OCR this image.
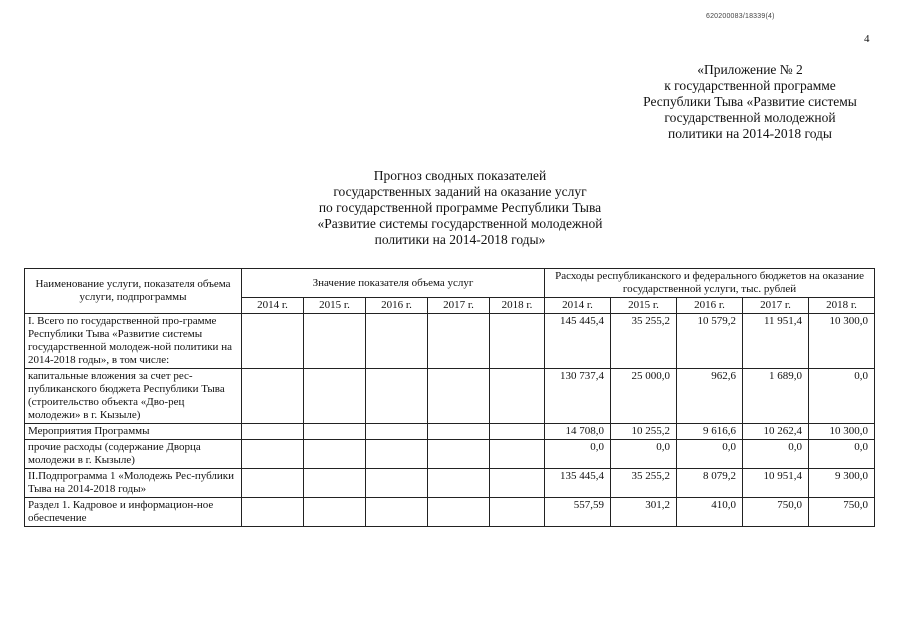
620200083/18339(4)
4
«Приложение № 2
к государственной программе
Республики Тыва «Развитие системы
государственной молодежной
политики на 2014-2018 годы
Прогноз сводных показателей
государственных заданий на оказание услуг
по государственной программе Республики Тыва
«Развитие системы государственной молодежной
политики на 2014-2018 годы»
Наименование услуги, показателя объема услуги, подпрограммы	Значение показателя объема услуг					Расходы республиканского и федерального бюджетов на оказание государственной услуги, тыс. рублей				
	2014 г.	2015 г.	2016 г.	2017 г.	2018 г.	2014 г.	2015 г.	2016 г.	2017 г.	2018 г.
I. Всего по государственной про-грамме Республики Тыва «Развитие системы государственной молодеж-ной политики на 2014-2018 годы», в том числе:						145 445,4	35 255,2	10 579,2	11 951,4	10 300,0
капитальные вложения за счет рес-публиканского бюджета Республики Тыва (строительство объекта «Дво-рец молодежи» в г. Кызыле)						130 737,4	25 000,0	962,6	1 689,0	0,0
Мероприятия Программы						14 708,0	10 255,2	9 616,6	10 262,4	10 300,0
прочие расходы (содержание Дворца молодежи в г. Кызыле)						0,0	0,0	0,0	0,0	0,0
II.Подпрограмма 1 «Молодежь Рес-публики Тыва на 2014-2018 годы»						135 445,4	35 255,2	8 079,2	10 951,4	9 300,0
Раздел 1. Кадровое и информацион-ное обеспечение						557,59	301,2	410,0	750,0	750,0
